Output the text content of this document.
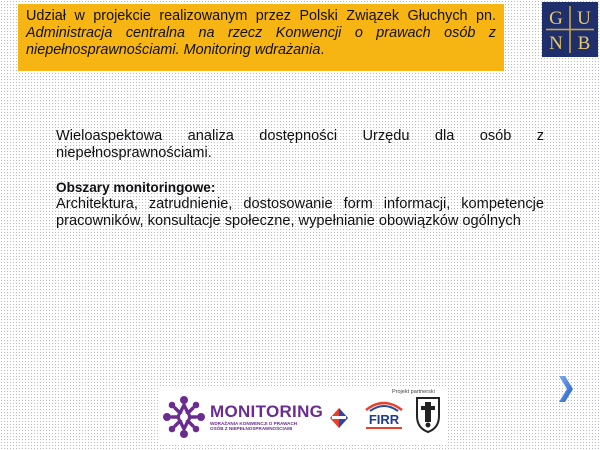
Udział w projekcie realizowanym przez Polski Związek Głuchych pn. Administracja centralna na rzecz Konwencji o prawach osób z niepełnosprawnościami. Monitoring wdrażania.
G U
N B

Wieloaspektowa analiza dostępności Urzędu dla osób z niepełnosprawnościami.

Obszary monitoringowe:

Architektura, zatrudnienie, dostosowanie form informacji, kompetencje pracowników, konsultacje społeczne, wypełnianie obowiązków ogólnych

Projekt partnerski
MONITORING
WDRAŻANIA KONWENCJI O PRAWACH
OSÓB Z NIEPEŁNOSPRAWNOŚCIAMI
FIRR
